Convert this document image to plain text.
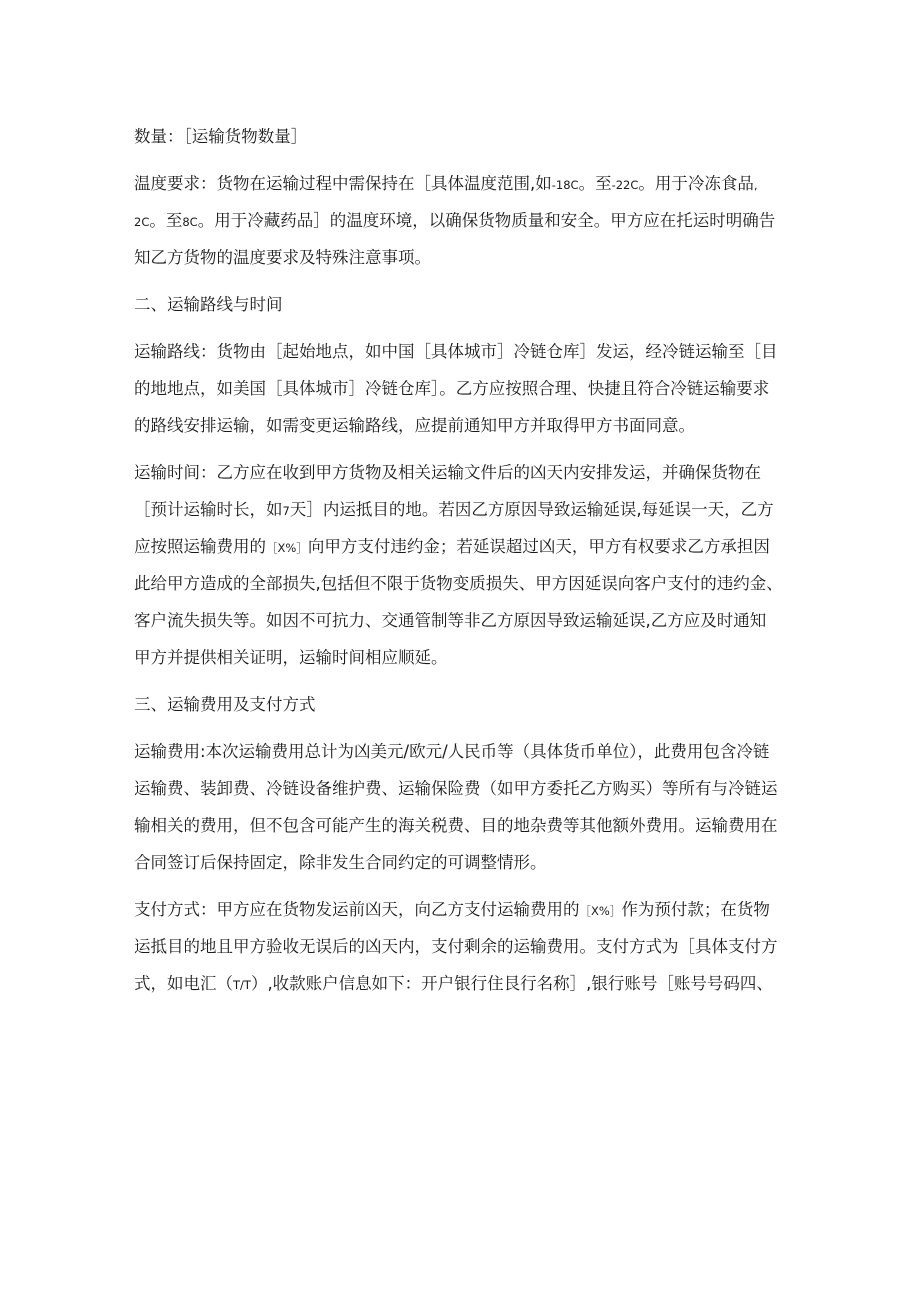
数量：［运输货物数量］
温度要求：货物在运输过程中需保持在［具体温度范围,如-18C。至-22C。用于冷冻食品,
2C。至8C。用于冷藏药品］的温度环境，以确保货物质量和安全。甲方应在托运时明确告
知乙方货物的温度要求及特殊注意事项。
二、运输路线与时间
运输路线：货物由［起始地点，如中国［具体城市］冷链仓库］发运，经冷链运输至［目
的地地点，如美国［具体城市］冷链仓库］。乙方应按照合理、快捷且符合冷链运输要求
的路线安排运输，如需变更运输路线，应提前通知甲方并取得甲方书面同意。
运输时间：乙方应在收到甲方货物及相关运输文件后的凶天内安排发运，并确保货物在
［预计运输时长，如7天］内运抵目的地。若因乙方原因导致运输延误,每延误一天，乙方
应按照运输费用的［X%］向甲方支付违约金；若延误超过凶天，甲方有权要求乙方承担因
此给甲方造成的全部损失,包括但不限于货物变质损失、甲方因延误向客户支付的违约金、
客户流失损失等。如因不可抗力、交通管制等非乙方原因导致运输延误,乙方应及时通知
甲方并提供相关证明，运输时间相应顺延。
三、运输费用及支付方式
运输费用:本次运输费用总计为凶美元/欧元/人民币等（具体货币单位），此费用包含冷链
运输费、装卸费、冷链设备维护费、运输保险费（如甲方委托乙方购买）等所有与冷链运
输相关的费用，但不包含可能产生的海关税费、目的地杂费等其他额外费用。运输费用在
合同签订后保持固定，除非发生合同约定的可调整情形。
支付方式：甲方应在货物发运前凶天，向乙方支付运输费用的［X%］作为预付款；在货物
运抵目的地且甲方验收无误后的凶天内，支付剩余的运输费用。支付方式为［具体支付方
式，如电汇（T/T）,收款账户信息如下：开户银行住艮行名称］,银行账号［账号号码四、
